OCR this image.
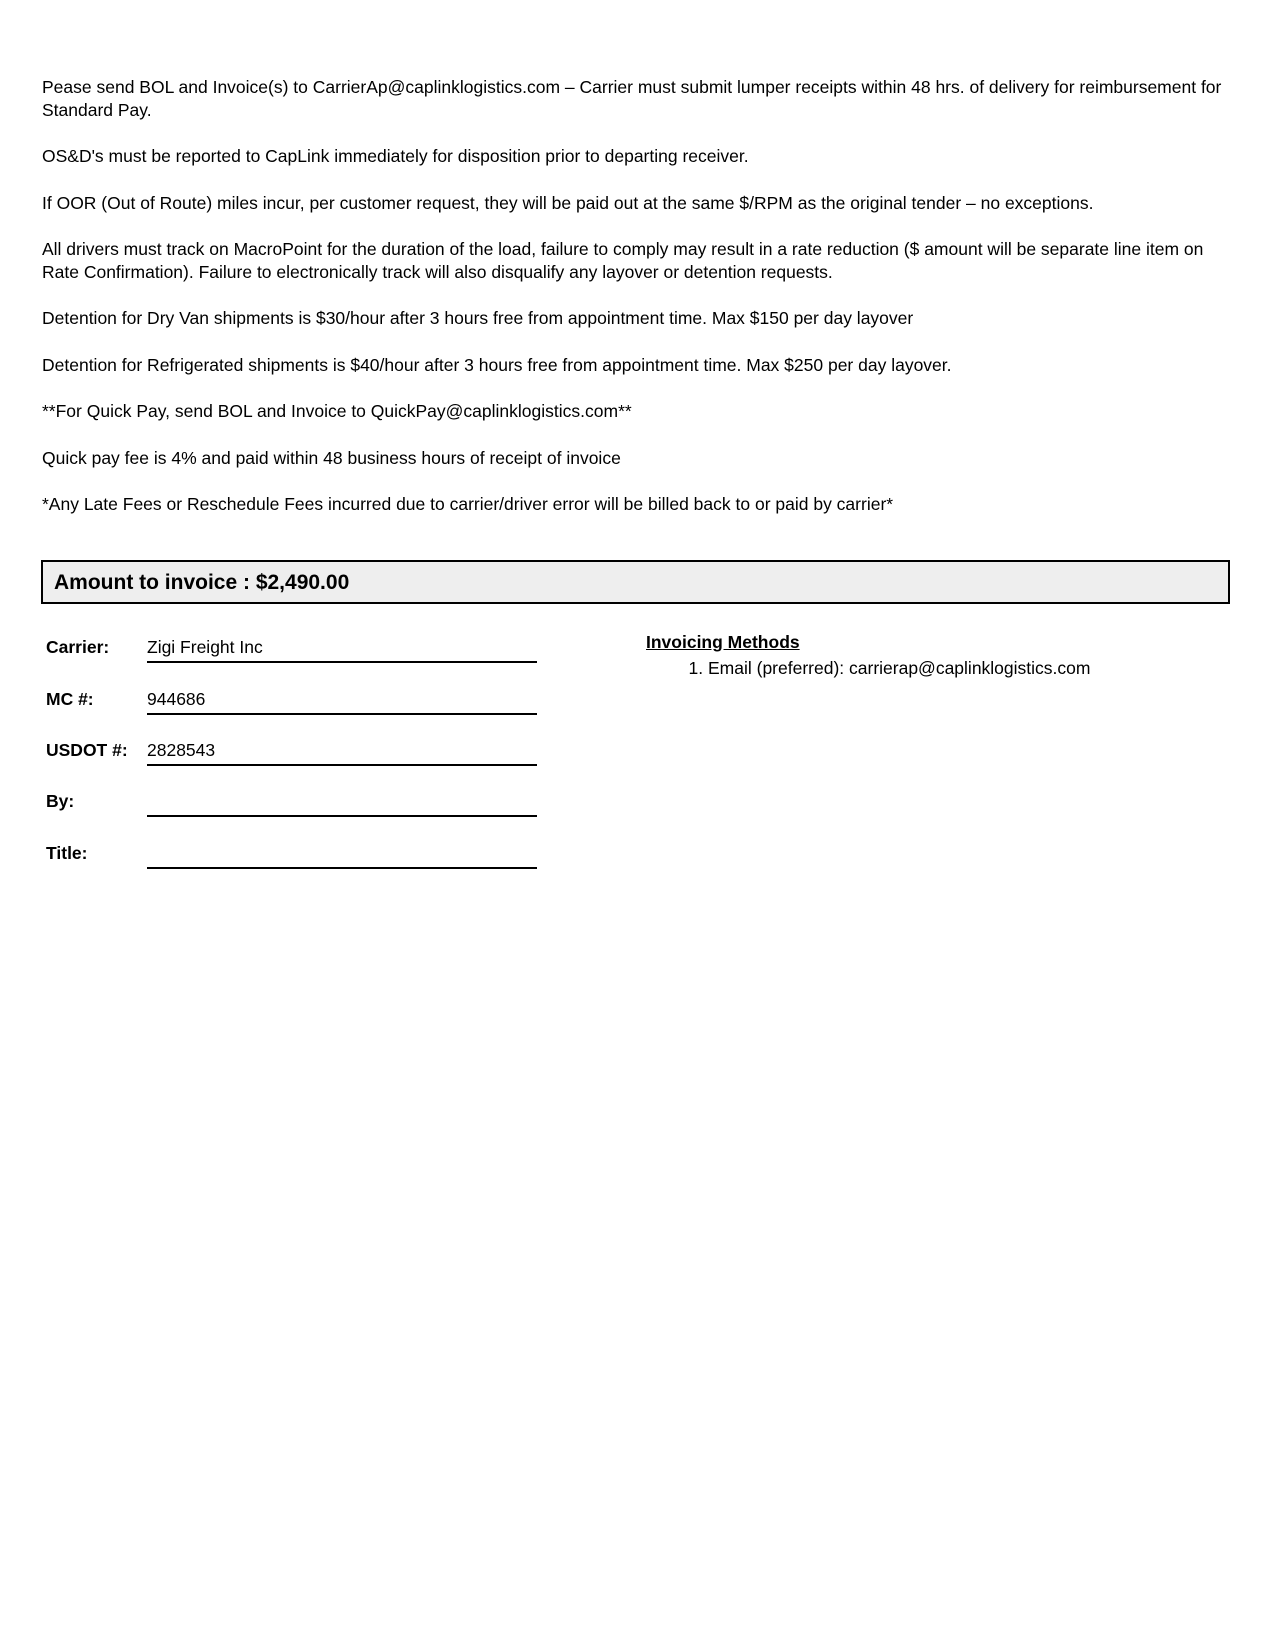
Pease send BOL and Invoice(s) to CarrierAp@caplinklogistics.com – Carrier must submit lumper receipts within 48 hrs. of delivery for reimbursement for Standard Pay.

OS&D's must be reported to CapLink immediately for disposition prior to departing receiver.

If OOR (Out of Route) miles incur, per customer request, they will be paid out at the same $/RPM as the original tender – no exceptions.

All drivers must track on MacroPoint for the duration of the load, failure to comply may result in a rate reduction ($ amount will be separate line item on Rate Confirmation). Failure to electronically track will also disqualify any layover or detention requests.

Detention for Dry Van shipments is $30/hour after 3 hours free from appointment time. Max $150 per day layover

Detention for Refrigerated shipments is $40/hour after 3 hours free from appointment time. Max $250 per day layover.

**For Quick Pay, send BOL and Invoice to QuickPay@caplinklogistics.com**

Quick pay fee is 4% and paid within 48 business hours of receipt of invoice

*Any Late Fees or Reschedule Fees incurred due to carrier/driver error will be billed back to or paid by carrier*

Amount to invoice : $2,490.00
Carrier: Zigi Freight Inc
MC #:	944686
USDOT #: 2828543
By:
Title:
Invoicing Methods
1. Email (preferred): carrierap@caplinklogistics.com
